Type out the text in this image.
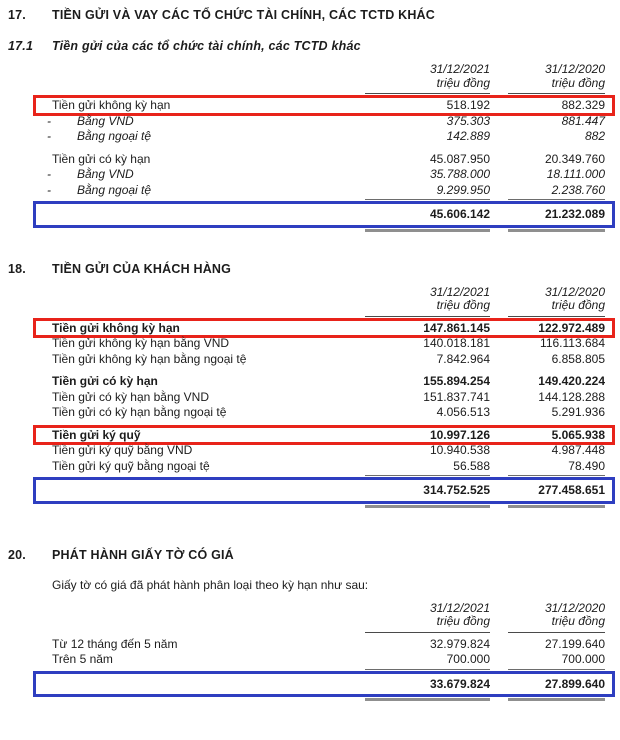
17.	TIỀN GỬI VÀ VAY CÁC TỔ CHỨC TÀI CHÍNH, CÁC TCTD KHÁC
17.1	Tiền gửi của các tổ chức tài chính, các TCTD khác
31/12/2021
triệu đồng
31/12/2020
triệu đồng
Tiền gửi không kỳ hạn	518.192	882.329
-	Bằng VND	375.303	881.447
-	Bằng ngoại tệ	142.889	882
Tiền gửi có kỳ hạn	45.087.950	20.349.760
-	Bằng VND	35.788.000	18.111.000
-	Bằng ngoại tệ	9.299.950	2.238.760
45.606.142	21.232.089
18.	TIỀN GỬI CỦA KHÁCH HÀNG
31/12/2021
triệu đồng
31/12/2020
triệu đồng
Tiền gửi không kỳ hạn	147.861.145	122.972.489
Tiền gửi không kỳ hạn bằng VND	140.018.181	116.113.684
Tiền gửi không kỳ hạn bằng ngoại tệ	7.842.964	6.858.805
Tiền gửi có kỳ hạn	155.894.254	149.420.224
Tiền gửi có kỳ hạn bằng VND	151.837.741	144.128.288
Tiền gửi có kỳ hạn bằng ngoại tệ	4.056.513	5.291.936
Tiền gửi ký quỹ	10.997.126	5.065.938
Tiền gửi ký quỹ bằng VND	10.940.538	4.987.448
Tiền gửi ký quỹ bằng ngoại tệ	56.588	78.490
314.752.525	277.458.651
20.	PHÁT HÀNH GIẤY TỜ CÓ GIÁ
Giấy tờ có giá đã phát hành phân loại theo kỳ hạn như sau:
31/12/2021
triệu đồng
31/12/2020
triệu đồng
Từ 12 tháng đến 5 năm	32.979.824	27.199.640
Trên 5 năm	700.000	700.000
33.679.824	27.899.640
